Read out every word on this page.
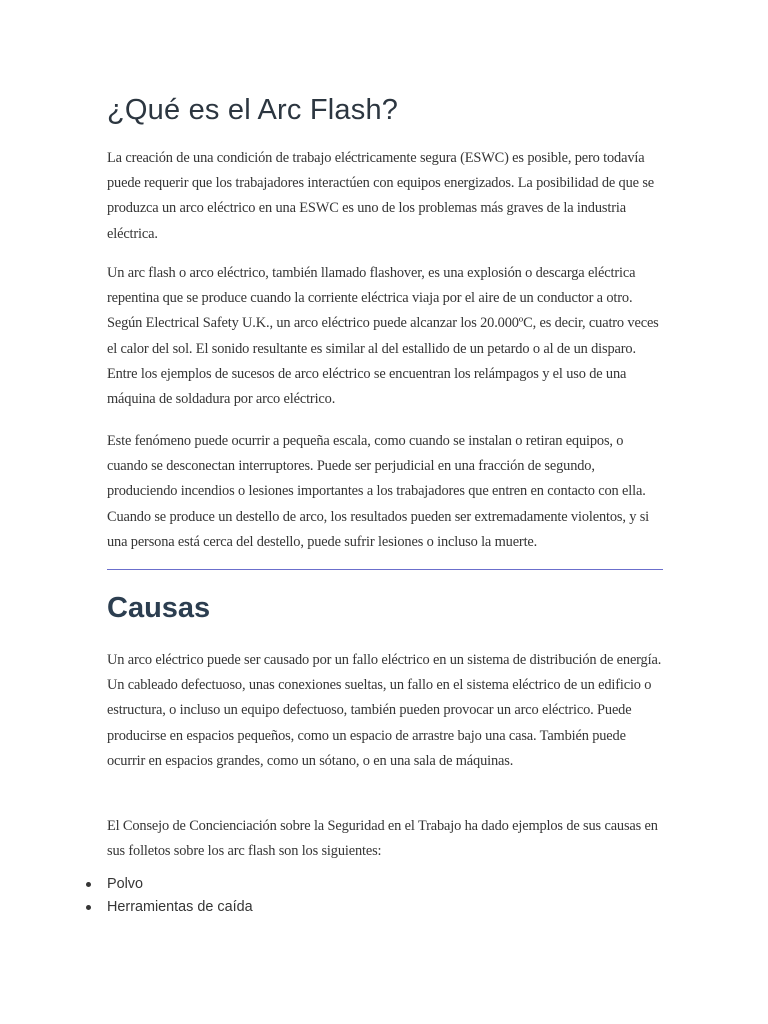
¿Qué es el Arc Flash?

La creación de una condición de trabajo eléctricamente segura (ESWC) es posible, pero todavía puede requerir que los trabajadores interactúen con equipos energizados. La posibilidad de que se produzca un arco eléctrico en una ESWC es uno de los problemas más graves de la industria eléctrica.

Un arc flash o arco eléctrico, también llamado flashover, es una explosión o descarga eléctrica repentina que se produce cuando la corriente eléctrica viaja por el aire de un conductor a otro. Según Electrical Safety U.K., un arco eléctrico puede alcanzar los 20.000ºC, es decir, cuatro veces el calor del sol. El sonido resultante es similar al del estallido de un petardo o al de un disparo. Entre los ejemplos de sucesos de arco eléctrico se encuentran los relámpagos y el uso de una máquina de soldadura por arco eléctrico.

Este fenómeno puede ocurrir a pequeña escala, como cuando se instalan o retiran equipos, o cuando se desconectan interruptores. Puede ser perjudicial en una fracción de segundo, produciendo incendios o lesiones importantes a los trabajadores que entren en contacto con ella. Cuando se produce un destello de arco, los resultados pueden ser extremadamente violentos, y si una persona está cerca del destello, puede sufrir lesiones o incluso la muerte.

Causas

Un arco eléctrico puede ser causado por un fallo eléctrico en un sistema de distribución de energía. Un cableado defectuoso, unas conexiones sueltas, un fallo en el sistema eléctrico de un edificio o estructura, o incluso un equipo defectuoso, también pueden provocar un arco eléctrico. Puede producirse en espacios pequeños, como un espacio de arrastre bajo una casa. También puede ocurrir en espacios grandes, como un sótano, o en una sala de máquinas.

El Consejo de Concienciación sobre la Seguridad en el Trabajo ha dado ejemplos de sus causas en sus folletos sobre los arc flash son los siguientes:

Polvo
Herramientas de caída
